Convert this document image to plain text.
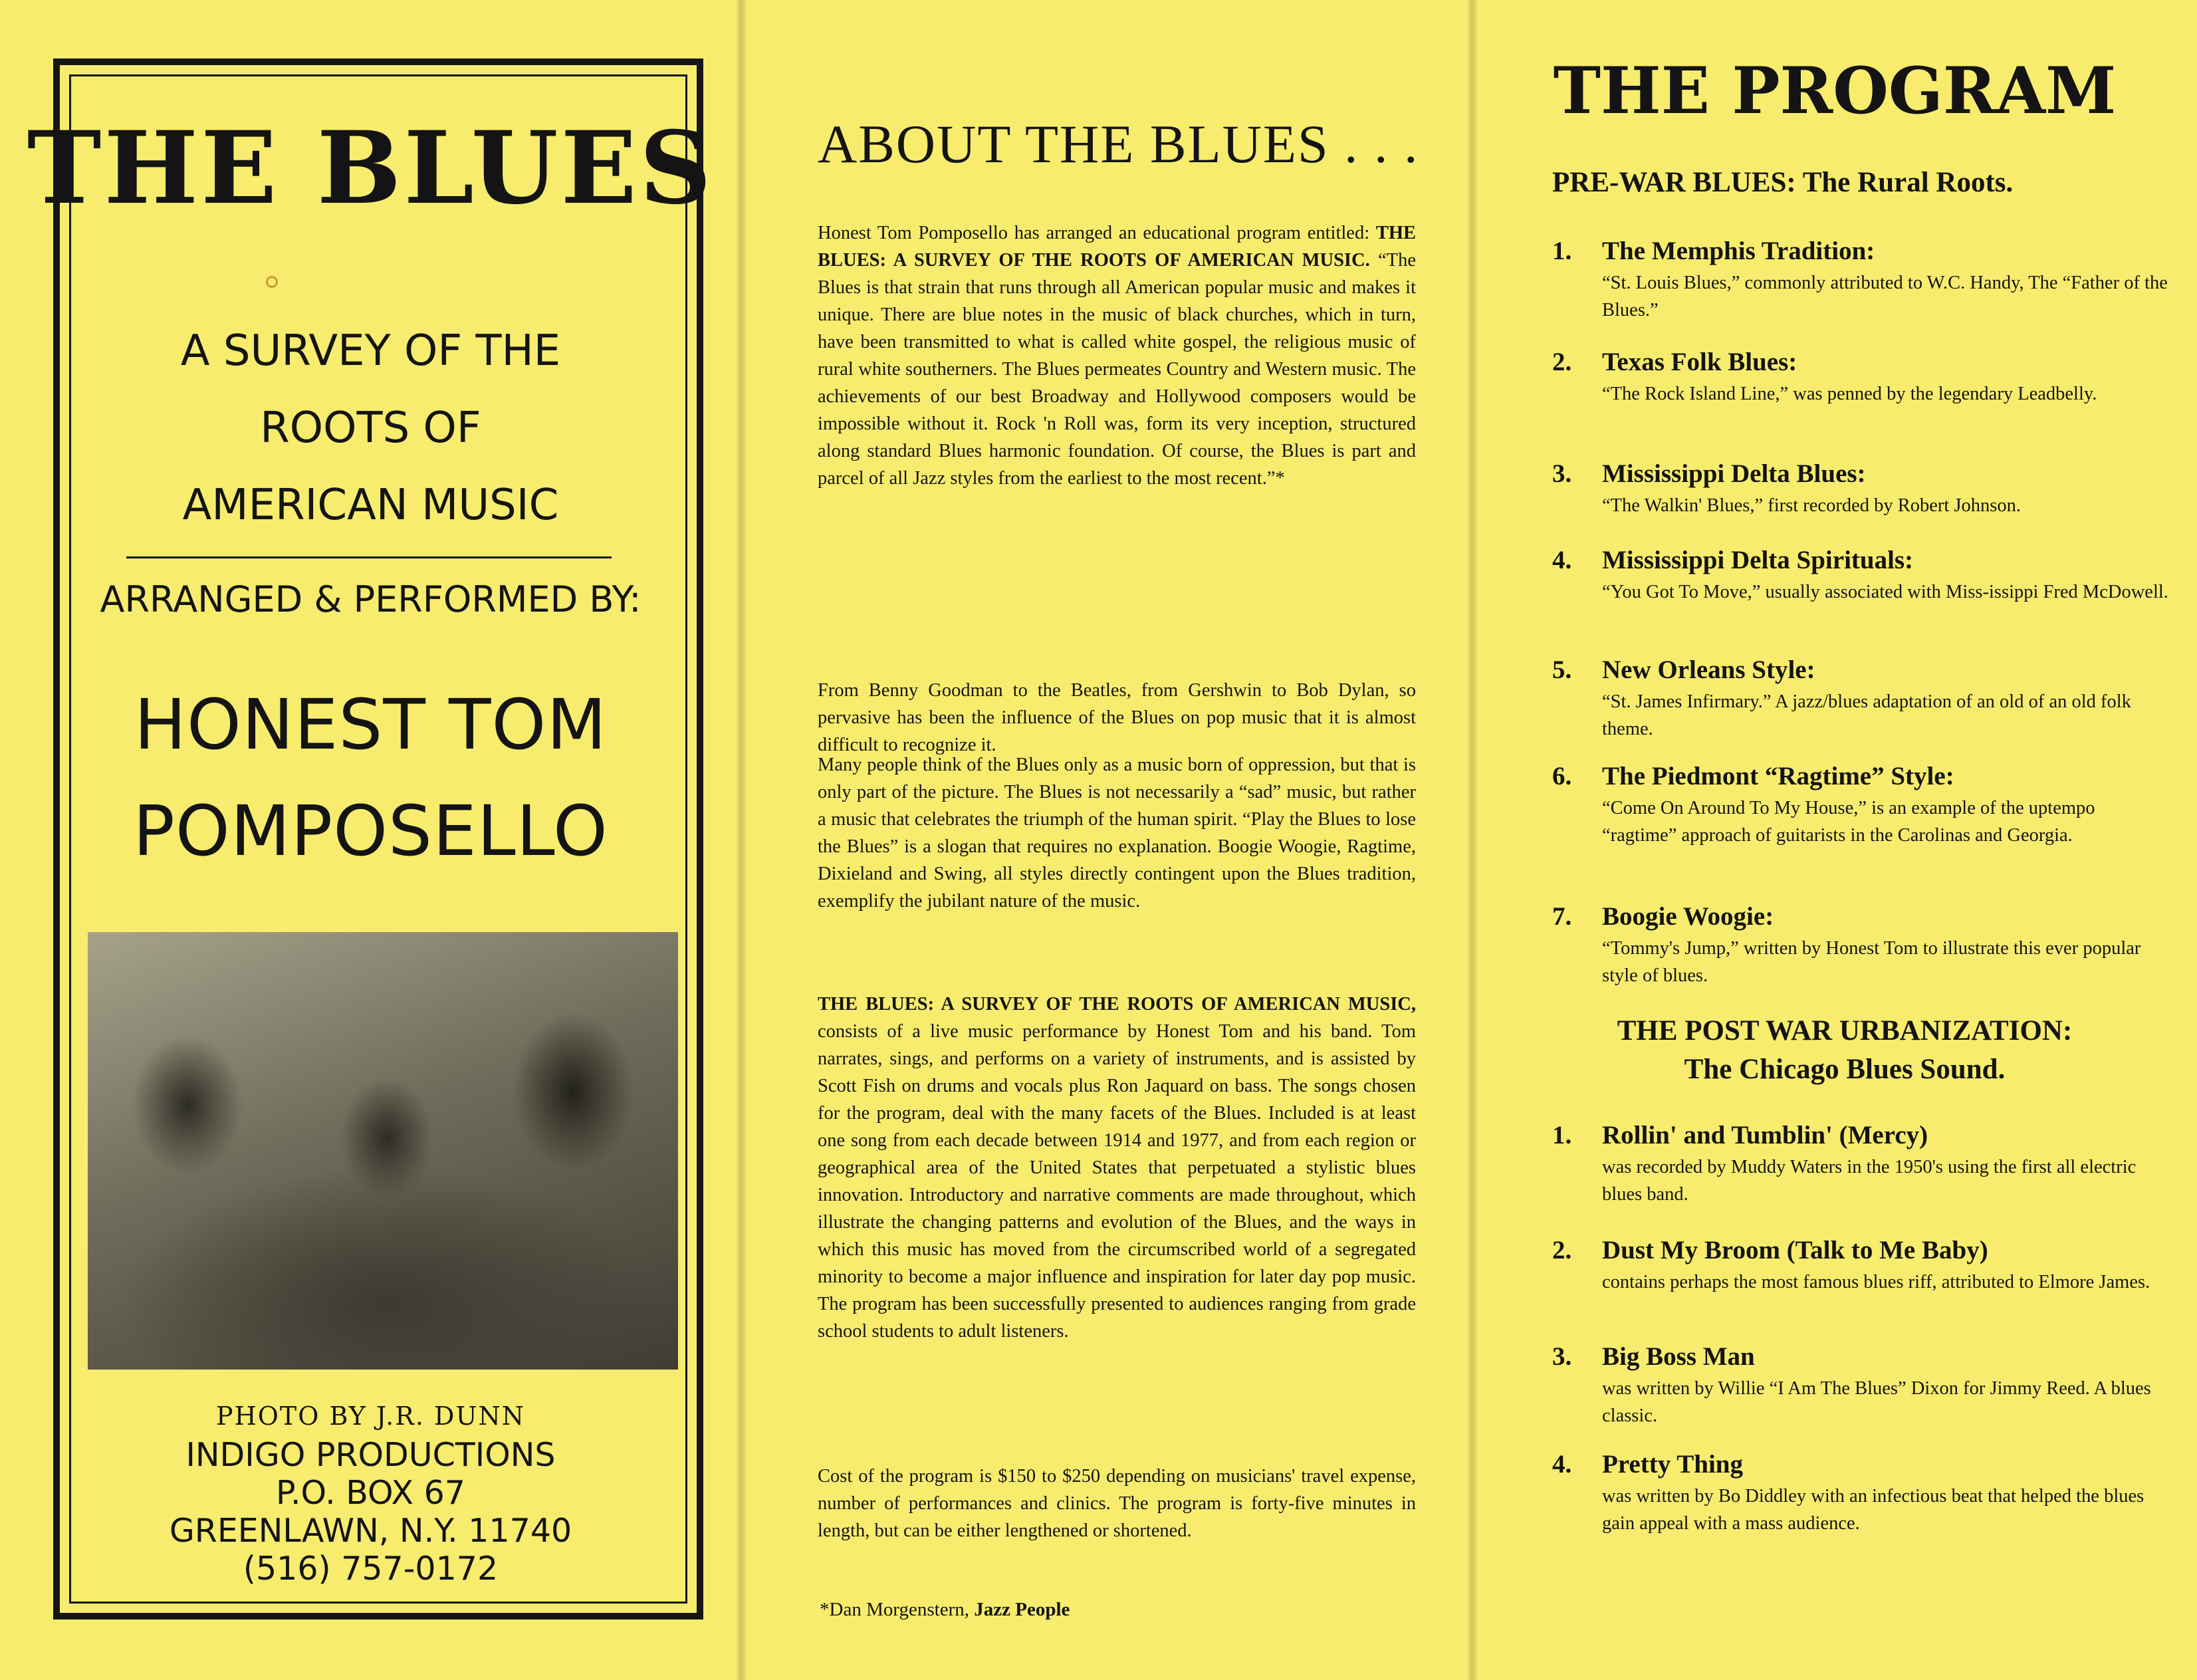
THE BLUES
A SURVEY OF THE
ROOTS OF
AMERICAN MUSIC
ARRANGED & PERFORMED BY:
HONEST TOM
POMPOSELLO
PHOTO BY J.R. DUNN
INDIGO PRODUCTIONS
P.O. BOX 67
GREENLAWN, N.Y. 11740
(516) 757-0172
ABOUT THE BLUES . . .

Honest Tom Pomposello has arranged an educational program entitled: THE BLUES: A SURVEY OF THE ROOTS OF AMERICAN MUSIC. “The Blues is that strain that runs through all American popular music and makes it unique. There are blue notes in the music of black churches, which in turn, have been transmitted to what is called white gospel, the religious music of rural white southerners. The Blues permeates Country and Western music. The achievements of our best Broadway and Hollywood composers would be impossible without it. Rock 'n Roll was, form its very inception, structured along standard Blues harmonic foundation. Of course, the Blues is part and parcel of all Jazz styles from the earliest to the most recent.”*

From Benny Goodman to the Beatles, from Gershwin to Bob Dylan, so pervasive has been the influence of the Blues on pop music that it is almost difficult to recognize it.

Many people think of the Blues only as a music born of oppression, but that is only part of the picture. The Blues is not necessarily a “sad” music, but rather a music that celebrates the triumph of the human spirit. “Play the Blues to lose the Blues” is a slogan that requires no explanation. Boogie Woogie, Ragtime, Dixieland and Swing, all styles directly contingent upon the Blues tradition, exemplify the jubilant nature of the music.

THE BLUES: A SURVEY OF THE ROOTS OF AMERICAN MUSIC, consists of a live music performance by Honest Tom and his band. Tom narrates, sings, and performs on a variety of instruments, and is assisted by Scott Fish on drums and vocals plus Ron Jaquard on bass. The songs chosen for the program, deal with the many facets of the Blues. Included is at least one song from each decade between 1914 and 1977, and from each region or geographical area of the United States that perpetuated a stylistic blues innovation. Introductory and narrative comments are made throughout, which illustrate the changing patterns and evolution of the Blues, and the ways in which this music has moved from the circumscribed world of a segregated minority to become a major influence and inspiration for later day pop music. The program has been successfully presented to audiences ranging from grade school students to adult listeners.

Cost of the program is $150 to $250 depending on musicians' travel expense, number of performances and clinics. The program is forty-five minutes in length, but can be either lengthened or shortened.

*Dan Morgenstern, Jazz People
THE PROGRAM
PRE-WAR BLUES: The Rural Roots.
1. The Memphis Tradition:

“St. Louis Blues,” commonly attributed to W.C. Handy, The “Father of the Blues.”

2. Texas Folk Blues:

“The Rock Island Line,” was penned by the legendary Leadbelly.

3. Mississippi Delta Blues:

“The Walkin' Blues,” first recorded by Robert Johnson.

4. Mississippi Delta Spirituals:

“You Got To Move,” usually associated with Miss-issippi Fred McDowell.

5. New Orleans Style:

“St. James Infirmary.” A jazz/blues adaptation of an old of an old folk theme.

6. The Piedmont “Ragtime” Style:

“Come On Around To My House,” is an example of the uptempo “ragtime” approach of guitarists in the Carolinas and Georgia.

7. Boogie Woogie:

“Tommy's Jump,” written by Honest Tom to illustrate this ever popular style of blues.

THE POST WAR URBANIZATION:
The Chicago Blues Sound.
1. Rollin' and Tumblin' (Mercy)

was recorded by Muddy Waters in the 1950's using the first all electric blues band.

2. Dust My Broom (Talk to Me Baby)

contains perhaps the most famous blues riff, attributed to Elmore James.

3. Big Boss Man

was written by Willie “I Am The Blues” Dixon for Jimmy Reed. A blues classic.

4. Pretty Thing

was written by Bo Diddley with an infectious beat that helped the blues gain appeal with a mass audience.
